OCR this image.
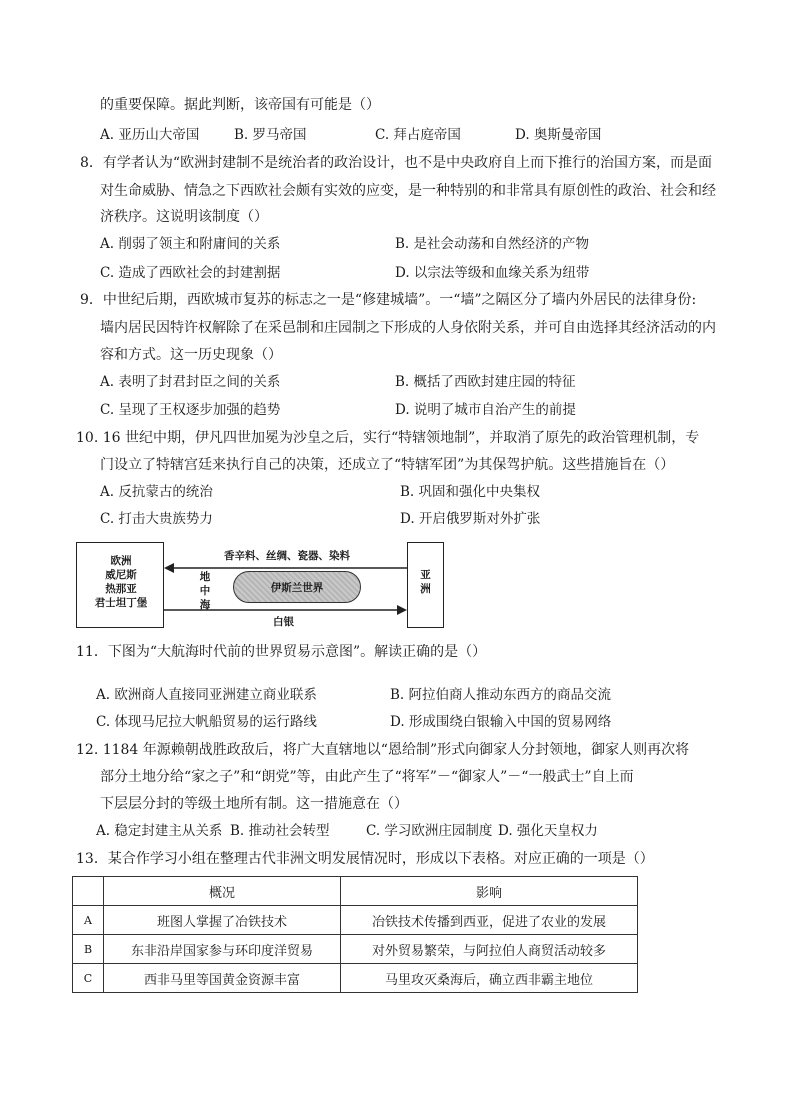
的重要保障。据此判断，该帝国有可能是（）
A. 亚历山大帝国	B. 罗马帝国	C. 拜占庭帝国	D. 奥斯曼帝国
8．有学者认为“欧洲封建制不是统治者的政治设计，也不是中央政府自上而下推行的治国方案，而是面
对生命威胁、情急之下西欧社会颇有实效的应变，是一种特别的和非常具有原创性的政治、社会和经
济秩序。这说明该制度（）
A. 削弱了领主和附庸间的关系	B. 是社会动荡和自然经济的产物
C. 造成了西欧社会的封建割据	D. 以宗法等级和血缘关系为纽带
9．中世纪后期，西欧城市复苏的标志之一是“修建城墙”。一“墙”之隔区分了墙内外居民的法律身份:
墙内居民因特许权解除了在采邑制和庄园制之下形成的人身依附关系，并可自由选择其经济活动的内
容和方式。这一历史现象（）
A. 表明了封君封臣之间的关系	B. 概括了西欧封建庄园的特征
C. 呈现了王权逐步加强的趋势	D. 说明了城市自治产生的前提
10. 16 世纪中期，伊凡四世加冕为沙皇之后，实行“特辖领地制”，并取消了原先的政治管理机制，专
门设立了特辖宫廷来执行自己的决策，还成立了“特辖军团”为其保驾护航。这些措施旨在（）
A. 反抗蒙古的统治	B. 巩固和强化中央集权
C. 打击大贵族势力	D. 开启俄罗斯对外扩张
欧洲
威尼斯
热那亚
君士坦丁堡
亚
洲
香辛料、丝绸、瓷器、染料
地
中
海
伊斯兰世界
白银
11．下图为“大航海时代前的世界贸易示意图”。解读正确的是（）
A. 欧洲商人直接同亚洲建立商业联系	B. 阿拉伯商人推动东西方的商品交流
C. 体现马尼拉大帆船贸易的运行路线	D. 形成围绕白银输入中国的贸易网络
12. 1184 年源赖朝战胜政敌后，将广大直辖地以“恩给制”形式向御家人分封领地，御家人则再次将
部分土地分给“家之子”和“朗党”等，由此产生了“将军”－“御家人”－“一般武士”自上而
下层层分封的等级土地所有制。这一措施意在（）
A. 稳定封建主从关系 B. 推动社会转型	C. 学习欧洲庄园制度 D. 强化天皇权力
13．某合作学习小组在整理古代非洲文明发展情况时，形成以下表格。对应正确的一项是（）
	概况	影响
A	班图人掌握了冶铁技术	冶铁技术传播到西亚，促进了农业的发展
B	东非沿岸国家参与环印度洋贸易	对外贸易繁荣，与阿拉伯人商贸活动较多
C	西非马里等国黄金资源丰富	马里攻灭桑海后，确立西非霸主地位
